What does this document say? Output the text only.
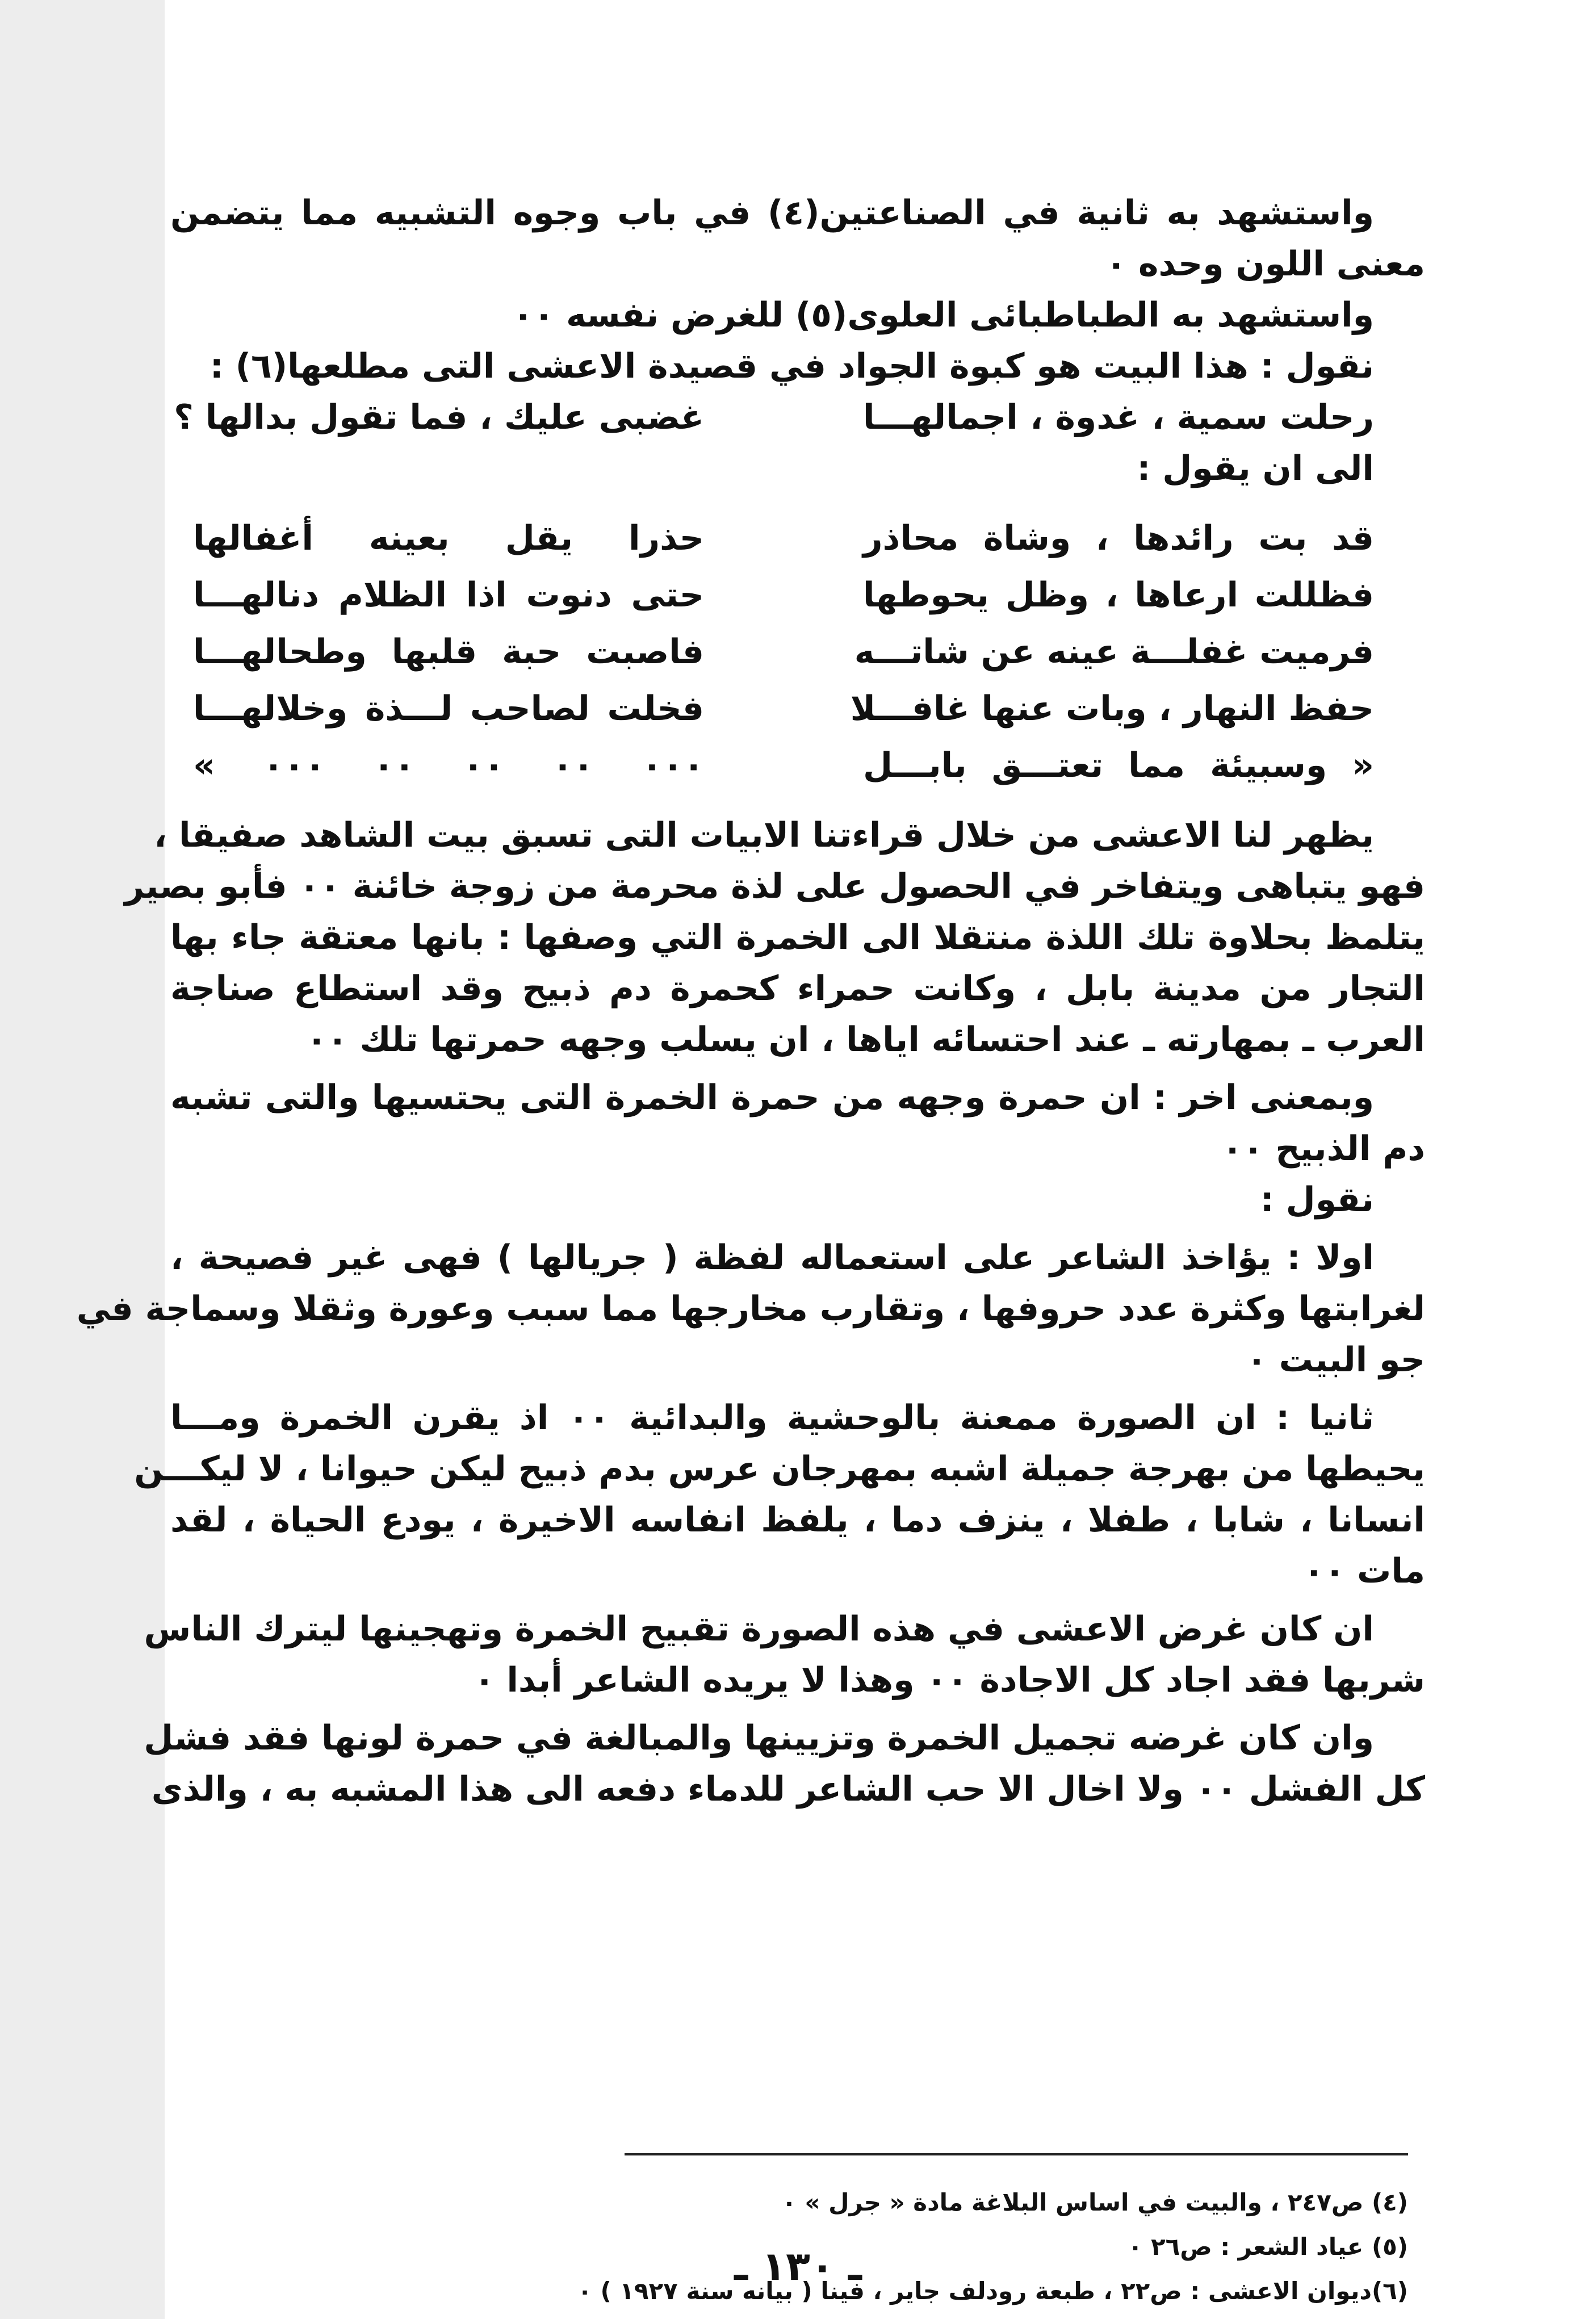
واستشهد به ثانية في الصناعتين(٤) في باب وجوه التشبيه مما يتضمن
معنى اللون وحده ٠
واستشهد به الطباطبائى العلوى(٥) للغرض نفسه ٠٠
نقول : هذا البيت هو كبوة الجواد في قصيدة الاعشى التى مطلعها(٦) :
رحلت سمية ، غدوة ، اجمالهـــا
غضبى عليك ، فما تقول بدالها ؟
الى ان يقول :
قد بت رائدها ، وشاة محاذر
حذرا يقل بعينه أغفالها
فظللت ارعاها ، وظل يحوطها
حتى دنوت اذا الظلام دنالهـــا
فرميت غفلـــة عينه عن شاتـــه
فاصبت حبة قلبها وطحالهـــا
حفظ النهار ، وبات عنها غافـــلا
فخلت لصاحب لـــذة وخلالهـــا
« وسبيئة مما تعتـــق بابـــل
٠٠٠ ٠٠ ٠٠ ٠٠ ٠٠٠ »
يظهر لنا الاعشى من خلال قراءتنا الابيات التى تسبق بيت الشاهد صفيقا ،
فهو يتباهى ويتفاخر في الحصول على لذة محرمة من زوجة خائنة ٠٠ فأبو بصير
يتلمظ بحلاوة تلك اللذة منتقلا الى الخمرة التي وصفها : بانها معتقة جاء بها
التجار من مدينة بابل ، وكانت حمراء كحمرة دم ذبيح وقد استطاع صناجة
العرب ـ بمهارته ـ عند احتسائه اياها ، ان يسلب وجهه حمرتها تلك ٠٠
وبمعنى اخر : ان حمرة وجهه من حمرة الخمرة التى يحتسيها والتى تشبه
دم الذبيح ٠٠
نقول :
اولا : يؤاخذ الشاعر على استعماله لفظة ( جريالها ) فهى غير فصيحة ،
لغرابتها وكثرة عدد حروفها ، وتقارب مخارجها مما سبب وعورة وثقلا وسماجة في
جو البيت ٠
ثانيا : ان الصورة ممعنة بالوحشية والبدائية ٠٠ اذ يقرن الخمرة ومـــا
يحيطها من بهرجة جميلة اشبه بمهرجان عرس بدم ذبيح ليكن حيوانا ، لا ليكـــن
انسانا ، شابا ، طفلا ، ينزف دما ، يلفظ انفاسه الاخيرة ، يودع الحياة ، لقد
مات ٠٠
ان كان غرض الاعشى في هذه الصورة تقبيح الخمرة وتهجينها ليترك الناس
شربها فقد اجاد كل الاجادة ٠٠ وهذا لا يريده الشاعر أبدا ٠
وان كان غرضه تجميل الخمرة وتزيينها والمبالغة في حمرة لونها فقد فشل
كل الفشل ٠٠ ولا اخال الا حب الشاعر للدماء دفعه الى هذا المشبه به ، والذى
(٤) ص٢٤٧ ، والبيت في اساس البلاغة مادة « جرل » ٠
(٥) عياد الشعر : ص٢٦ ٠
(٦)ديوان الاعشى : ص٢٢ ، طبعة رودلف جاير ، فينا ( بيانه سنة ١٩٢٧ ) ٠
ـ ١٣٠ ـ
